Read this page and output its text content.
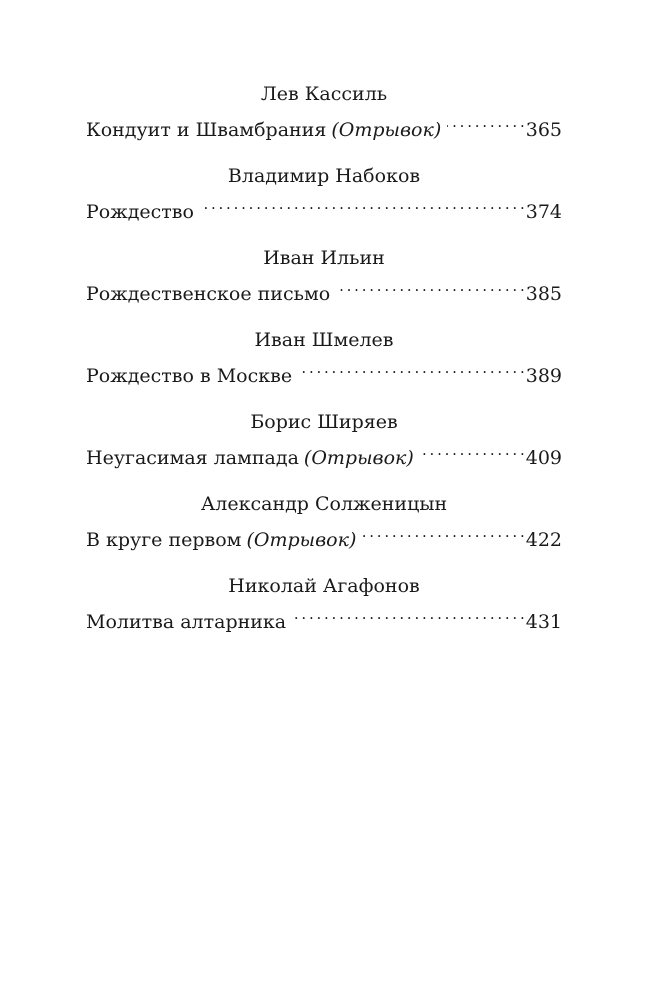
Лев Кассиль
Кондуит и Швамбрания (Отрывок) . . .	365
Владимир Набоков
Рождество . . .	374
Иван Ильин
Рождественское письмо . . .	385
Иван Шмелев
Рождество в Москве . . .	389
Борис Ширяев
Неугасимая лампада (Отрывок) . . .	409
Александр Солженицын
В круге первом (Отрывок) . . .	422
Николай Агафонов
Молитва алтарника . . .	431
